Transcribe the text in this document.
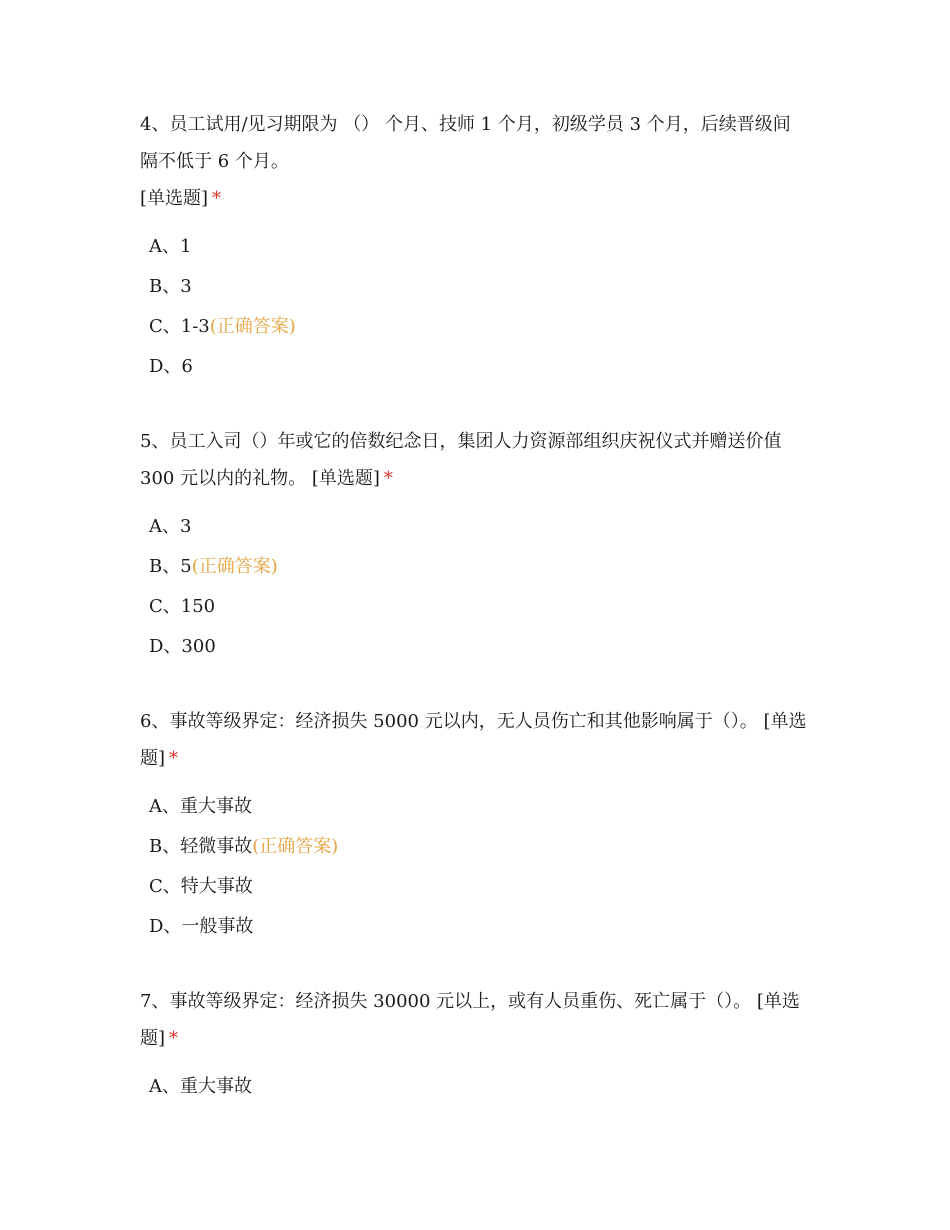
4、员工试用/见习期限为 （） 个月、技师 1 个月，初级学员 3 个月，后续晋级间隔不低于 6 个月。

[单选题] *

A、1
B、3
C、1-3(正确答案)
D、6

5、员工入司（）年或它的倍数纪念日，集团人力资源部组织庆祝仪式并赠送价值300 元以内的礼物。 [单选题] *

A、3
B、5(正确答案)
C、150
D、300

6、事故等级界定：经济损失 5000 元以内，无人员伤亡和其他影响属于（）。 [单选题] *

A、重大事故
B、轻微事故(正确答案)
C、特大事故
D、一般事故

7、事故等级界定：经济损失 30000 元以上，或有人员重伤、死亡属于（）。 [单选题] *

A、重大事故
